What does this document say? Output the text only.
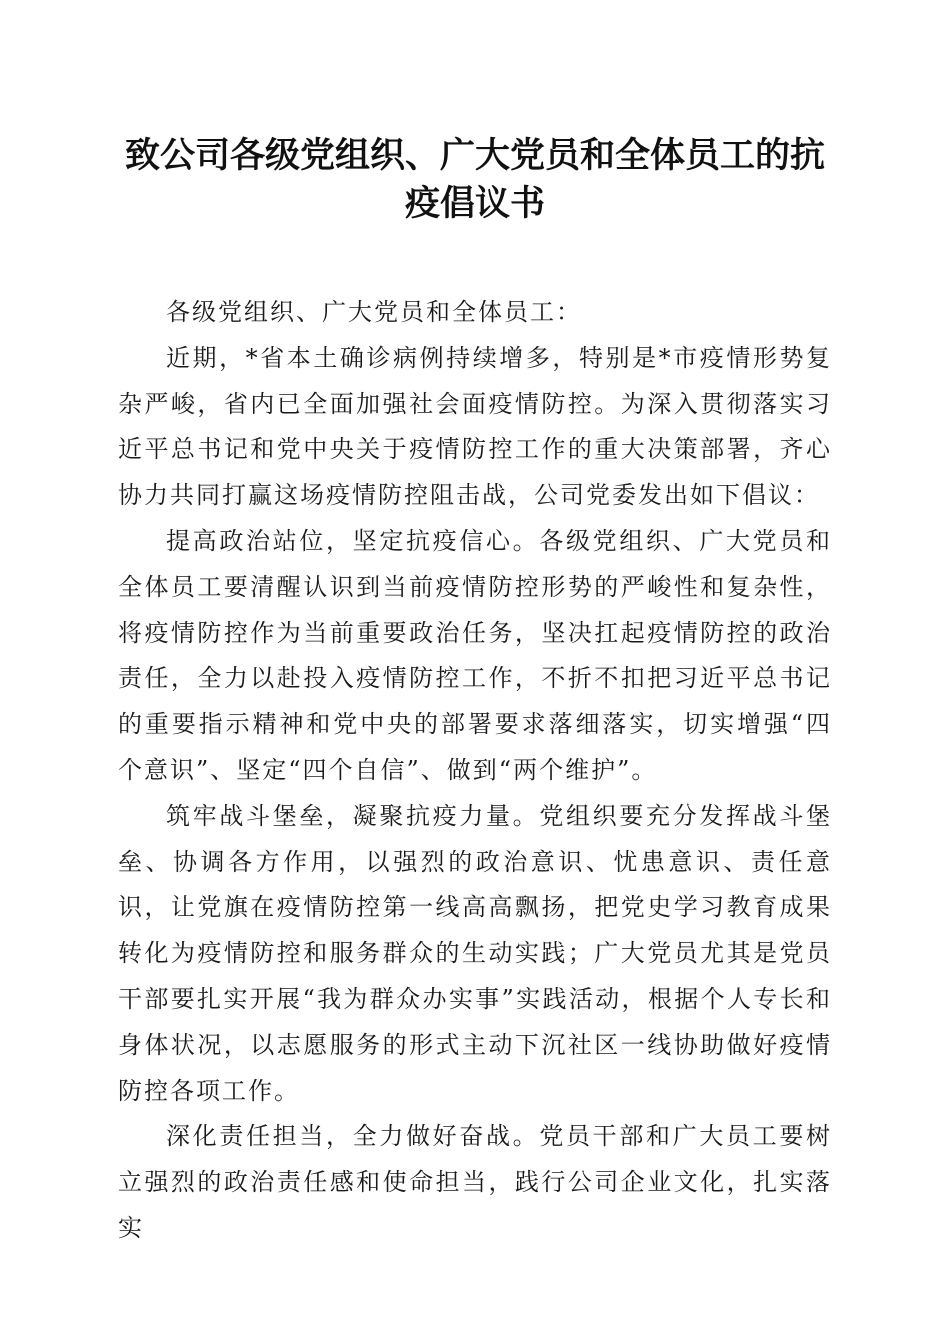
致公司各级党组织、广大党员和全体员工的抗疫倡议书

各级党组织、广大党员和全体员工：

近期，*省本土确诊病例持续增多，特别是*市疫情形势复杂严峻，省内已全面加强社会面疫情防控。为深入贯彻落实习近平总书记和党中央关于疫情防控工作的重大决策部署，齐心协力共同打赢这场疫情防控阻击战，公司党委发出如下倡议：

提高政治站位，坚定抗疫信心。各级党组织、广大党员和全体员工要清醒认识到当前疫情防控形势的严峻性和复杂性，将疫情防控作为当前重要政治任务，坚决扛起疫情防控的政治责任，全力以赴投入疫情防控工作，不折不扣把习近平总书记的重要指示精神和党中央的部署要求落细落实，切实增强“四个意识”、坚定“四个自信”、做到“两个维护”。

筑牢战斗堡垒，凝聚抗疫力量。党组织要充分发挥战斗堡垒、协调各方作用，以强烈的政治意识、忧患意识、责任意识，让党旗在疫情防控第一线高高飘扬，把党史学习教育成果转化为疫情防控和服务群众的生动实践；广大党员尤其是党员干部要扎实开展“我为群众办实事”实践活动，根据个人专长和身体状况，以志愿服务的形式主动下沉社区一线协助做好疫情防控各项工作。

深化责任担当，全力做好奋战。党员干部和广大员工要树立强烈的政治责任感和使命担当，践行公司企业文化，扎实落实
